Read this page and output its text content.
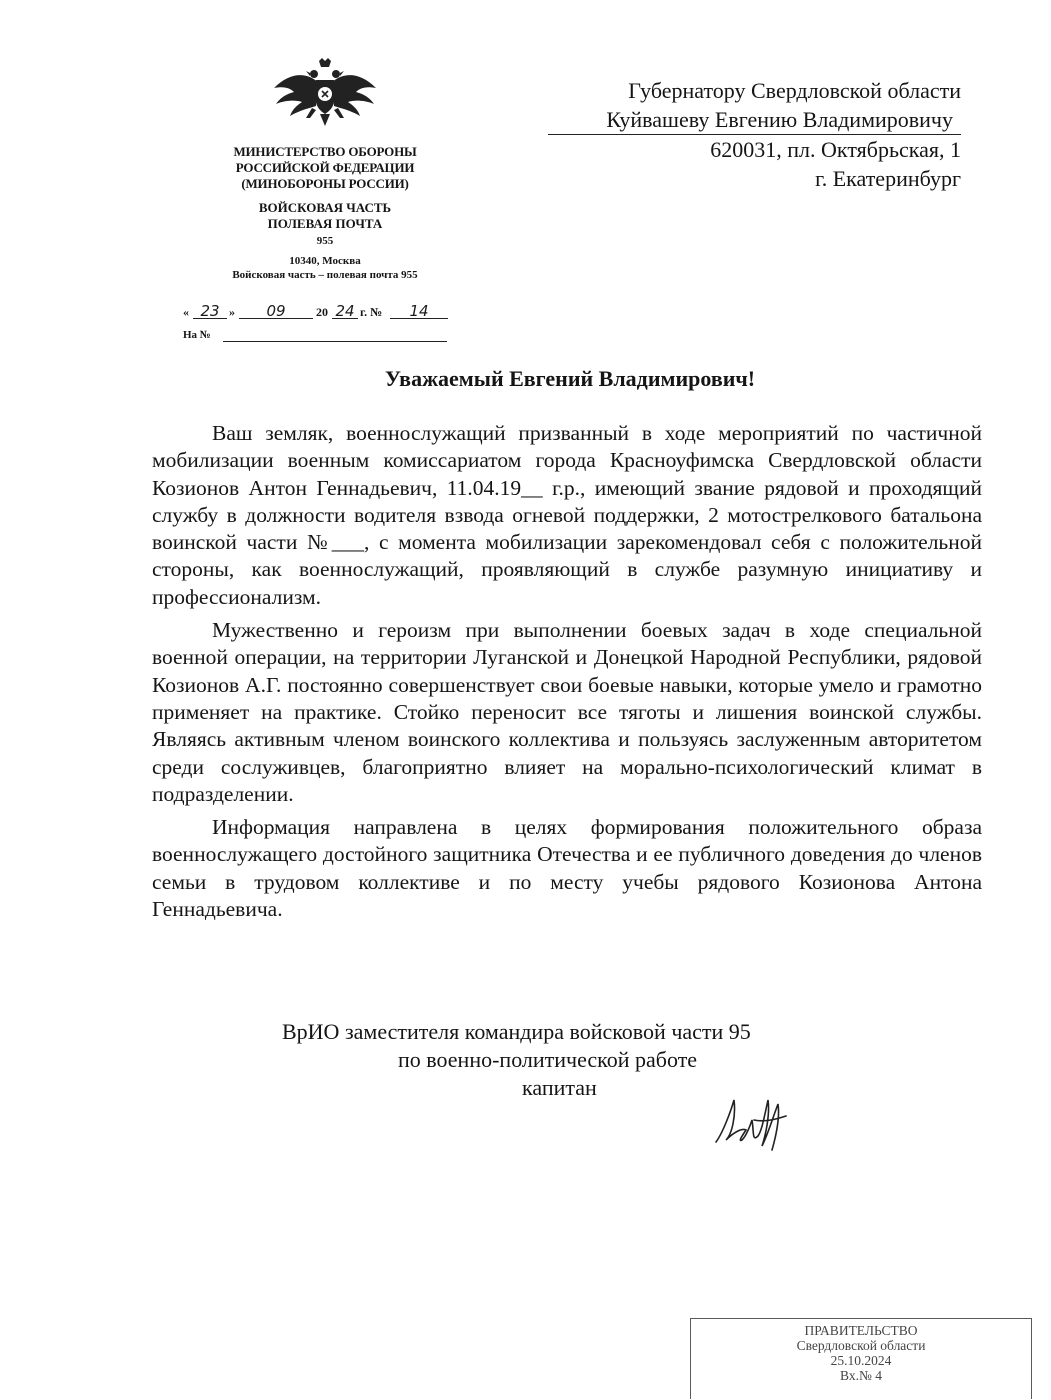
МИНИСТЕРСТВО ОБОРОНЫ
РОССИЙСКОЙ ФЕДЕРАЦИИ
(МИНОБОРОНЫ РОССИИ)
ВОЙСКОВАЯ ЧАСТЬ
ПОЛЕВАЯ ПОЧТА
955
10340, Москва
Войсковая часть – полевая почта 955
« 23 »	09	20 24 г. №	14
На №
Губернатору Свердловской области
Куйвашеву Евгению Владимировичу
620031, пл. Октябрьская, 1
г. Екатеринбург
Уважаемый Евгений Владимирович!

Ваш земляк, военнослужащий призванный в ходе мероприятий по частичной мобилизации военным комиссариатом города Красноуфимска Свердловской области Козионов Антон Геннадьевич, 11.04.19__ г.р., имеющий звание рядовой и проходящий службу в должности водителя взвода огневой поддержки, 2 мотострелкового батальона воинской части №___, с момента мобилизации зарекомендовал себя с положительной стороны, как военнослужащий, проявляющий в службе разумную инициативу и профессионализм.

Мужественно и героизм при выполнении боевых задач в ходе специальной военной операции, на территории Луганской и Донецкой Народной Республики, рядовой Козионов А.Г. постоянно совершенствует свои боевые навыки, которые умело и грамотно применяет на практике. Стойко переносит все тяготы и лишения воинской службы. Являясь активным членом воинского коллектива и пользуясь заслуженным авторитетом среди сослуживцев, благоприятно влияет на морально-психологический климат в подразделении.

Информация направлена в целях формирования положительного образа военнослужащего достойного защитника Отечества и ее публичного доведения до членов семьи в трудовом коллективе и по месту учебы рядового Козионова Антона Геннадьевича.

ВрИО заместителя командира войсковой части 95
по военно-политической работе
капитан
ПРАВИТЕЛЬСТВО
Свердловской области
25.10.2024
Вх.№ 4
